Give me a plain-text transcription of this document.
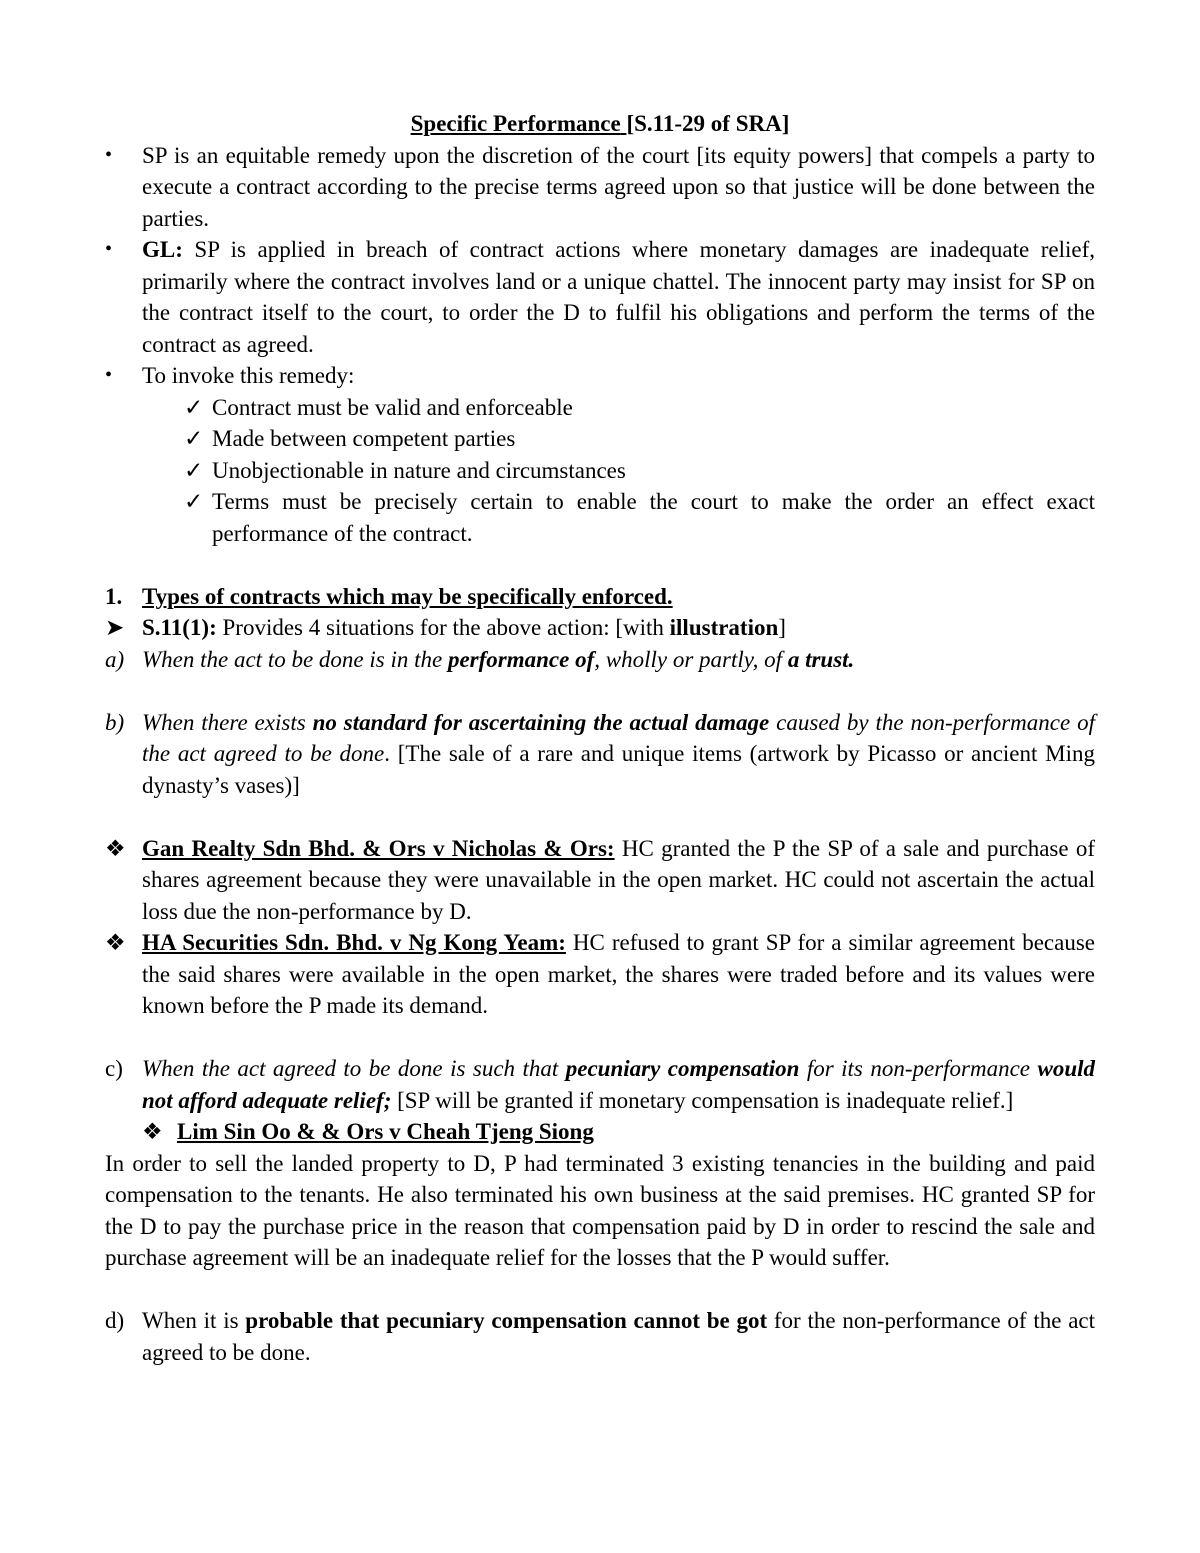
Specific Performance [S.11-29 of SRA]
• SP is an equitable remedy upon the discretion of the court [its equity powers] that compels a party to execute a contract according to the precise terms agreed upon so that justice will be done between the parties.
• GL: SP is applied in breach of contract actions where monetary damages are inadequate relief, primarily where the contract involves land or a unique chattel. The innocent party may insist for SP on the contract itself to the court, to order the D to fulfil his obligations and perform the terms of the contract as agreed.
• To invoke this remedy:
✓ Contract must be valid and enforceable
✓ Made between competent parties
✓ Unobjectionable in nature and circumstances
✓ Terms must be precisely certain to enable the court to make the order an effect exact performance of the contract.
1. Types of contracts which may be specifically enforced.
➤ S.11(1): Provides 4 situations for the above action: [with illustration]
a) When the act to be done is in the performance of, wholly or partly, of a trust.
b) When there exists no standard for ascertaining the actual damage caused by the non-performance of the act agreed to be done. [The sale of a rare and unique items (artwork by Picasso or ancient Ming dynasty’s vases)]
❖ Gan Realty Sdn Bhd. & Ors v Nicholas & Ors: HC granted the P the SP of a sale and purchase of shares agreement because they were unavailable in the open market. HC could not ascertain the actual loss due the non-performance by D.
❖ HA Securities Sdn. Bhd. v Ng Kong Yeam: HC refused to grant SP for a similar agreement because the said shares were available in the open market, the shares were traded before and its values were known before the P made its demand.
c) When the act agreed to be done is such that pecuniary compensation for its non-performance would not afford adequate relief; [SP will be granted if monetary compensation is inadequate relief.]
❖ Lim Sin Oo & & Ors v Cheah Tjeng Siong
In order to sell the landed property to D, P had terminated 3 existing tenancies in the building and paid compensation to the tenants. He also terminated his own business at the said premises. HC granted SP for the D to pay the purchase price in the reason that compensation paid by D in order to rescind the sale and purchase agreement will be an inadequate relief for the losses that the P would suffer.
d) When it is probable that pecuniary compensation cannot be got for the non-performance of the act agreed to be done.
